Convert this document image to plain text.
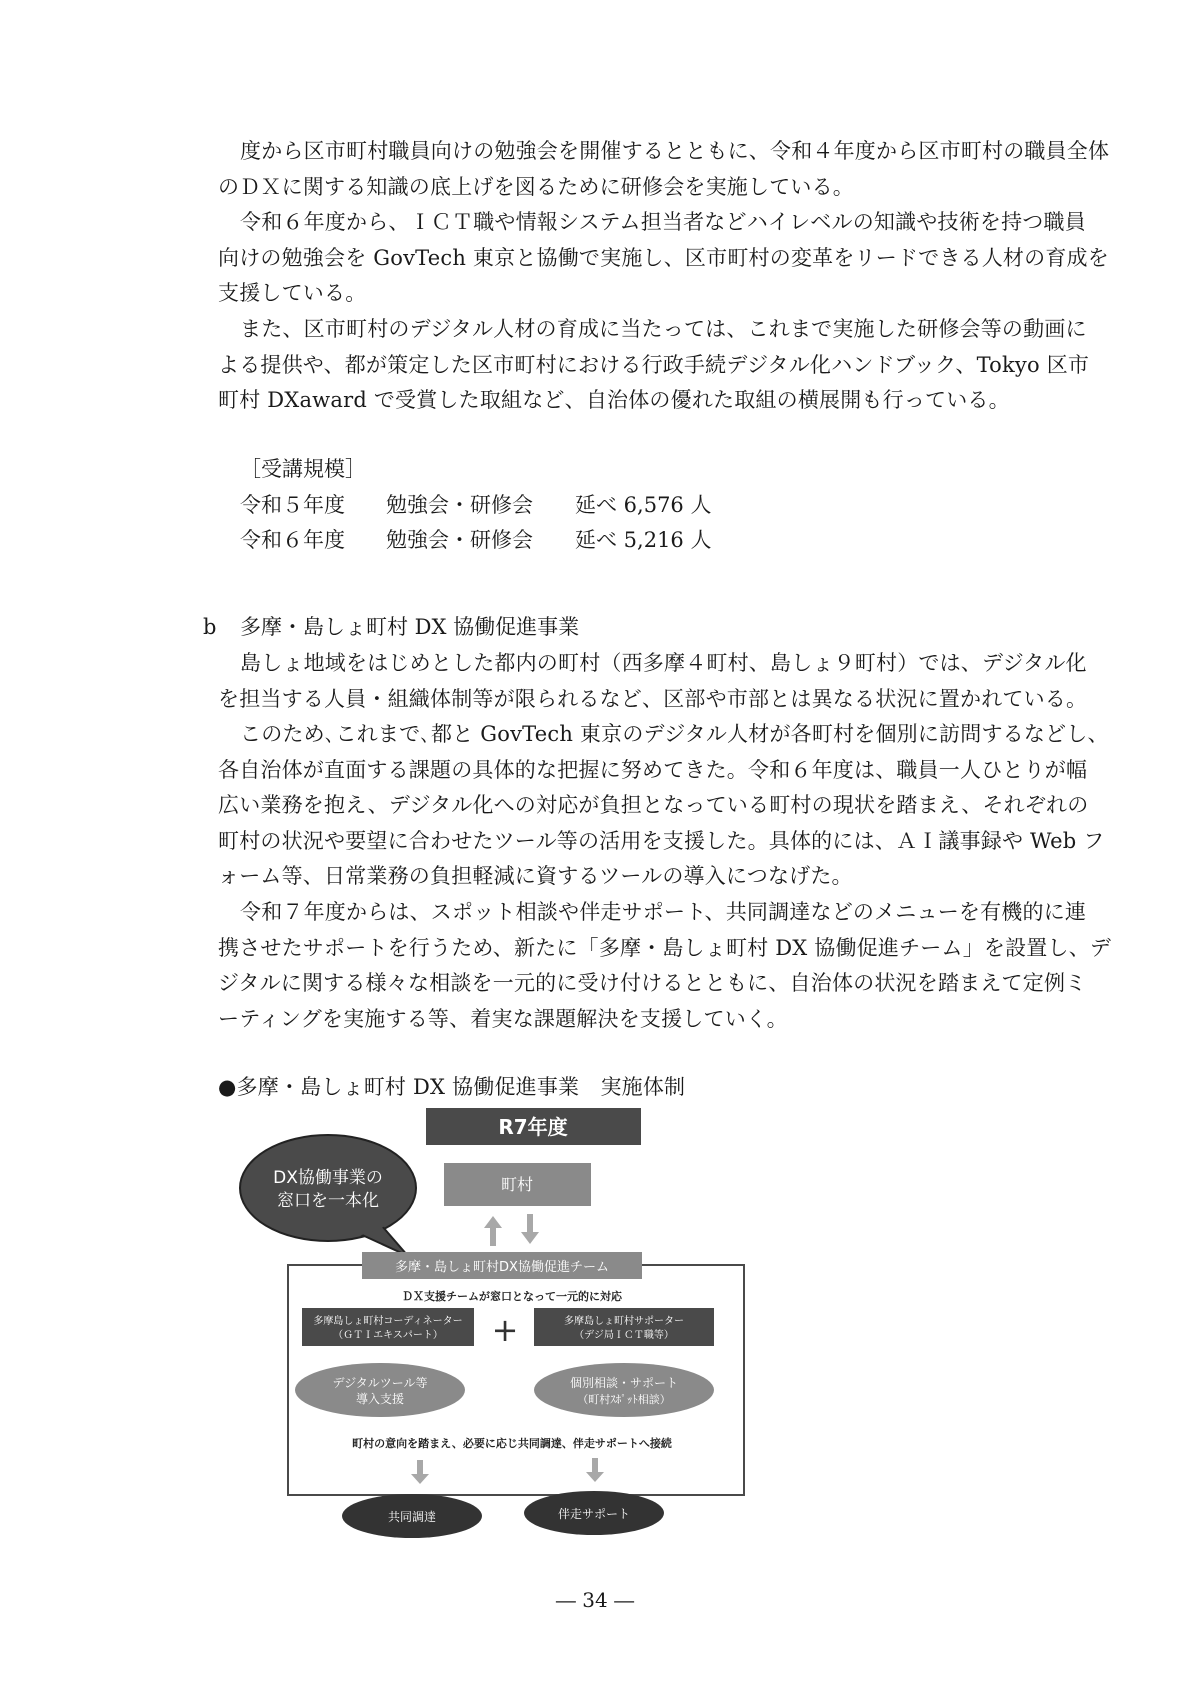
度から区市町村職員向けの勉強会を開催するとともに、令和４年度から区市町村の職員全体
のＤＸに関する知識の底上げを図るために研修会を実施している。
令和６年度から、ＩＣＴ職や情報システム担当者などハイレベルの知識や技術を持つ職員
向けの勉強会を GovTech 東京と協働で実施し、区市町村の変革をリードできる人材の育成を
支援している。
また、区市町村のデジタル人材の育成に当たっては、これまで実施した研修会等の動画に
よる提供や、都が策定した区市町村における行政手続デジタル化ハンドブック、Tokyo 区市
町村 DXaward で受賞した取組など、自治体の優れた取組の横展開も行っている。
［受講規模］
令和５年度 勉強会・研修会 延べ 6,576 人
令和６年度 勉強会・研修会 延べ 5,216 人
b 多摩・島しょ町村 DX 協働促進事業
島しょ地域をはじめとした都内の町村（西多摩４町村、島しょ９町村）では、デジタル化
を担当する人員・組織体制等が限られるなど、区部や市部とは異なる状況に置かれている。
このため､これまで､都と GovTech 東京のデジタル人材が各町村を個別に訪問するなどし、
各自治体が直面する課題の具体的な把握に努めてきた。令和６年度は、職員一人ひとりが幅
広い業務を抱え、デジタル化への対応が負担となっている町村の現状を踏まえ、それぞれの
町村の状況や要望に合わせたツール等の活用を支援した。具体的には、ＡＩ議事録や Web フ
ォーム等、日常業務の負担軽減に資するツールの導入につなげた。
令和７年度からは、スポット相談や伴走サポート、共同調達などのメニューを有機的に連
携させたサポートを行うため、新たに「多摩・島しょ町村 DX 協働促進チーム」を設置し、デ
ジタルに関する様々な相談を一元的に受け付けるとともに、自治体の状況を踏まえて定例ミ
ーティングを実施する等、着実な課題解決を支援していく。
●多摩・島しょ町村 DX 協働促進事業　実施体制
― 34 ―
R7年度
DX協働事業の
窓口を一本化
町村
多摩・島しょ町村DX協働促進チーム
ＤＸ支援チームが窓口となって一元的に対応
多摩島しょ町村コーディネーター
（ＧＴＩエキスパート） +	多摩島しょ町村サポーター
（デジ局ＩＣＴ職等）
デジタルツール等
導入支援
個別相談・サポート
（町村ｽﾎﾟｯﾄ相談）
町村の意向を踏まえ、必要に応じ共同調達、伴走サポートへ接続
共同調達	伴走サポート
